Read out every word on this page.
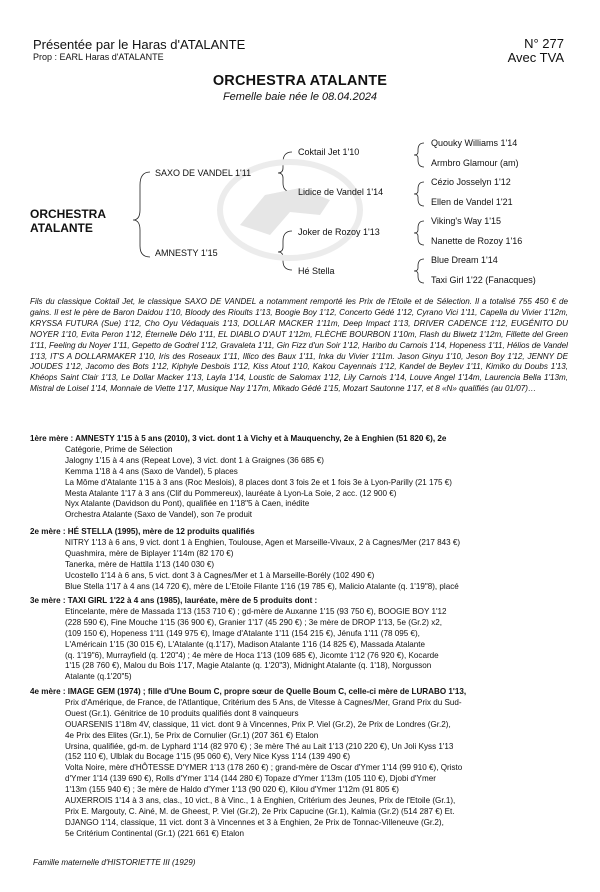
Présentée par le Haras d'ATALANTE
Prop : EARL Haras d'ATALANTE
N° 277
Avec TVA
ORCHESTRA ATALANTE
Femelle baie née le 08.04.2024
SAXO DE VANDEL 1'11
AMNESTY 1'15
Coktail Jet 1'10
Lidice de Vandel 1'14
Joker de Rozoy 1'13
Hé Stella
Quouky Williams 1'14
Armbro Glamour (am)
Cézio Josselyn 1'12
Ellen de Vandel 1'21
Viking's Way 1'15
Nanette de Rozoy 1'16
Blue Dream 1'14
Taxi Girl 1'22 (Fanacques)
ORCHESTRA
ATALANTE

Fils du classique Coktail Jet, le classique SAXO DE VANDEL a notamment remporté les Prix de l'Etoile et de Sélection. Il a totalisé 755 450 € de gains. Il est le père de Baron Daidou 1'10, Bloody des Rioults 1'13, Boogie Boy 1'12, Concerto Gédé 1'12, Cyrano Vici 1'11, Capella du Vivier 1'12m, KRYSSA FUTURA (Sue) 1'12, Cho Oyu Védaquais 1'13, DOLLAR MACKER 1'11m, Deep Impact 1'13, DRIVER CADENCE 1'12, EUGÉNITO DU NOYER 1'10, Evita Peron 1'12, Éternelle Délo 1'11, EL DIABLO D'AUT 1'12m, FLÈCHE BOURBON 1'10m, Flash du Biwetz 1'12m, Fillette del Green 1'11, Feeling du Noyer 1'11, Gepetto de Godrel 1'12, Gravaleta 1'11, Gin Fizz d'un Soir 1'12, Haribo du Carnois 1'14, Hopeness 1'11, Hélios de Vandel 1'13, IT'S A DOLLARMAKER 1'10, Iris des Roseaux 1'11, Illico des Baux 1'11, Inka du Vivier 1'11m. Jason Ginyu 1'10, Jeson Boy 1'12, JENNY DE JOUDES 1'12, Jacomo des Bots 1'12, Kiphyle Desbois 1'12, Kiss Atout 1'10, Kakou Cayennais 1'12, Kandel de Beylev 1'11, Kimiko du Doubs 1'13, Khéops Saint Clair 1'13, Le Dollar Macker 1'13, Layla 1'14, Loustic de Salomax 1'12, Lily Carnois 1'14, Louve Angel 1'14m, Laurencia Bella 1'13m, Mistral de Loisel 1'14, Monnaie de Viette 1'17, Musique Nay 1'17m, Mikado Gédé 1'15, Mozart Sautonne 1'17, et 8 «N» qualifiés (au 01/07)…

1ère mère : AMNESTY 1'15 à 5 ans (2010), 3 vict. dont 1 à Vichy et à Mauquenchy, 2e à Enghien (51 820 €), 2e

Catégorie, Prime de Sélection

Jalogny 1'15 à 4 ans (Repeat Love), 3 vict. dont 1 à Graignes (36 685 €)

Kemma 1'18 à 4 ans (Saxo de Vandel), 5 places

La Môme d'Atalante 1'15 à 3 ans (Roc Meslois), 8 places dont 3 fois 2e et 1 fois 3e à Lyon-Parilly (21 175 €)

Mesta Atalante 1'17 à 3 ans (Clif du Pommereux), lauréate à Lyon-La Soie, 2 acc. (12 900 €)

Nyx Atalante (Davidson du Pont), qualifiée en 1'18"5 à Caen, inédite

Orchestra Atalante (Saxo de Vandel), son 7e produit

2e mère : HÉ STELLA (1995), mère de 12 produits qualifiés

NITRY 1'13 à 6 ans, 9 vict. dont 1 à Enghien, Toulouse, Agen et Marseille-Vivaux, 2 à Cagnes/Mer (217 843 €)

Quashmira, mère de Biplayer 1'14m (82 170 €)

Tanerka, mère de Hattila 1'13 (140 030 €)

Ucostello 1'14 à 6 ans, 5 vict. dont 3 à Cagnes/Mer et 1 à Marseille-Borély (102 490 €)

Blue Stella 1'17 à 4 ans (14 720 €), mère de L'Etoile Filante 1'16 (19 785 €), Malicio Atalante (q. 1'19"8), placé

3e mère : TAXI GIRL 1'22 à 4 ans (1985), lauréate, mère de 5 produits dont :

Etincelante, mère de Massada 1'13 (153 710 €) ; gd-mère de Auxanne 1'15 (93 750 €), BOOGIE BOY 1'12

(228 590 €), Fine Mouche 1'15 (36 900 €), Granier 1'17 (45 290 €) ; 3e mère de DROP 1'13, 5e (Gr.2) x2,

(109 150 €), Hopeness 1'11 (149 975 €), Image d'Atalante 1'11 (154 215 €), Jénufa 1'11 (78 095 €),

L'Américain 1'15 (30 015 €), L'Atalante (q.1'17), Madison Atalante 1'16 (14 825 €), Massada Atalante

(q. 1'19"6), Murrayfield (q. 1'20"4) ; 4e mère de Hoca 1'13 (109 685 €), Jicomte 1'12 (76 920 €), Kocarde

1'15 (28 760 €), Malou du Bois 1'17, Magie Atalante (q. 1'20"3), Midnight Atalante (q. 1'18), Norgusson

Atalante (q.1'20"5)

4e mère : IMAGE GEM (1974) ; fille d'Une Boum C, propre sœur de Quelle Boum C, celle-ci mère de LURABO 1'13,

Prix d'Amérique, de France, de l'Atlantique, Critérium des 5 Ans, de Vitesse à Cagnes/Mer, Grand Prix du Sud-

Ouest (Gr.1). Génitrice de 10 produits qualifiés dont 8 vainqueurs

OUARSENIS 1'18m 4V, classique, 11 vict. dont 9 à Vincennes, Prix P. Viel (Gr.2), 2e Prix de Londres (Gr.2),

4e Prix des Elites (Gr.1), 5e Prix de Cornulier (Gr.1) (207 361 €) Etalon

Ursina, qualifiée, gd-m. de Lyphard 1'14 (82 970 €) ; 3e mère Thé au Lait 1'13 (210 220 €), Un Joli Kyss 1'13

(152 110 €), Ulblak du Bocage 1'15 (95 060 €), Very Nice Kyss 1'14 (139 490 €)

Volta Noire, mère d'HÔTESSE D'YMER 1'13 (178 260 €) ; grand-mère de Oscar d'Ymer 1'14 (99 910 €), Qristo

d'Ymer 1'14 (139 690 €), Rolls d'Ymer 1'14 (144 280 €) Topaze d'Ymer 1'13m (105 110 €), Djobi d'Ymer

1'13m (155 940 €) ; 3e mère de Haldo d'Ymer 1'13 (90 020 €), Kilou d'Ymer 1'12m (91 805 €)

AUXERROIS 1'14 à 3 ans, clas., 10 vict., 8 à Vinc., 1 à Enghien, Critérium des Jeunes, Prix de l'Etoile (Gr.1),

Prix E. Margouty, C. Ainé, M. de Gheest, P. Viel (Gr.2), 2e Prix Capucine (Gr.1), Kalmia (Gr.2) (514 287 €) Et.

DJANGO 1'14, classique, 11 vict. dont 3 à Vincennes et 3 à Enghien, 2e Prix de Tonnac-Villeneuve (Gr.2),

5e Critérium Continental (Gr.1) (221 661 €) Etalon

Famille maternelle d'HISTORIETTE III (1929)
